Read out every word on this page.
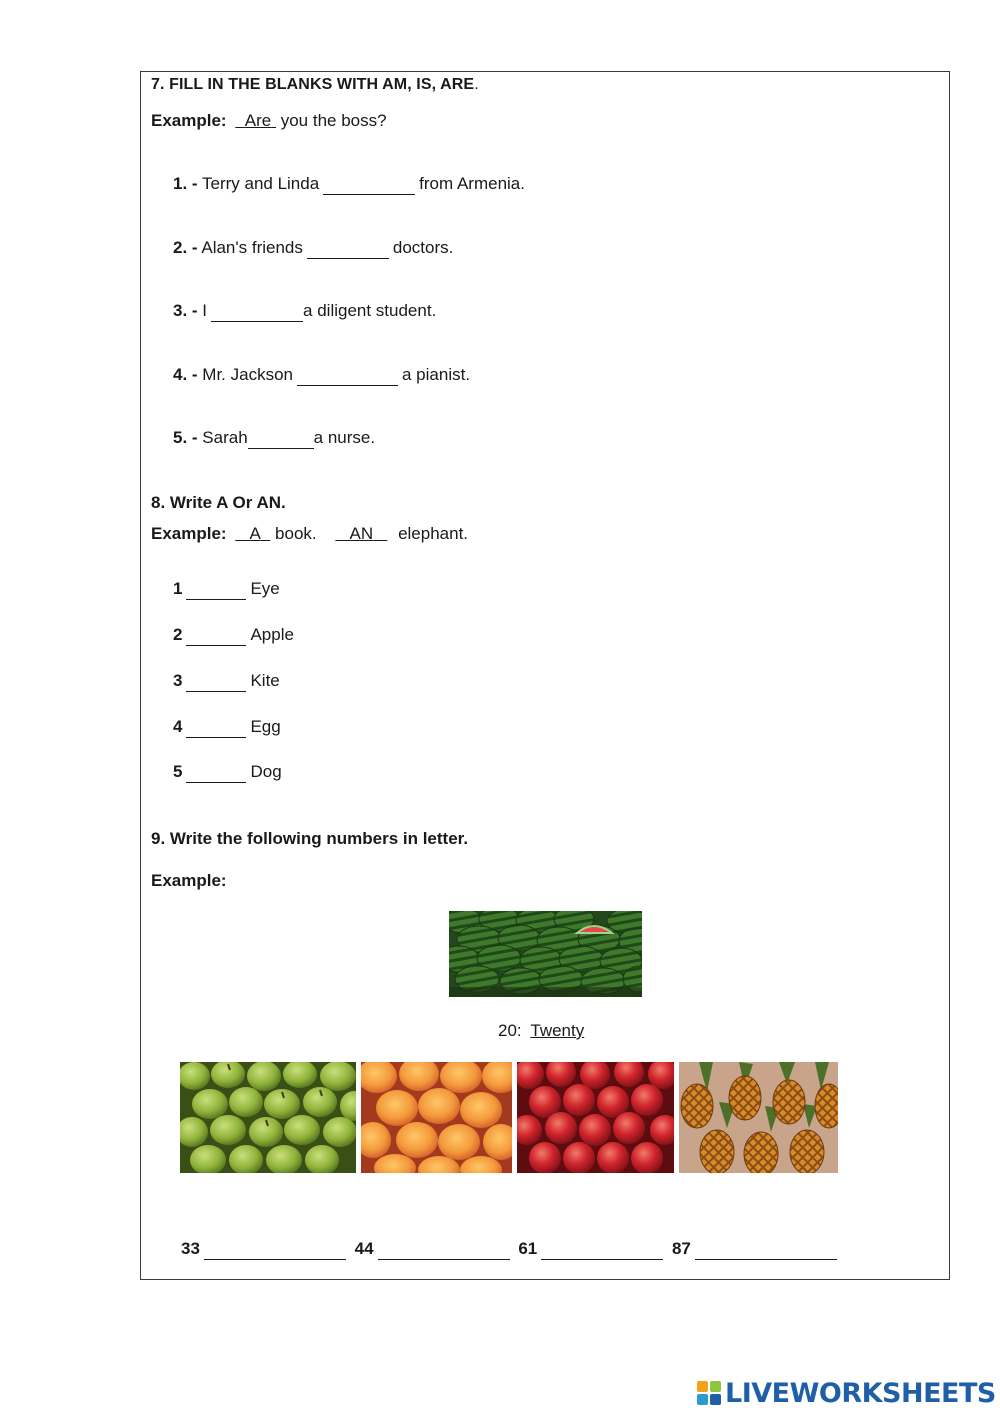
7. FILL IN THE BLANKS WITH AM, IS, ARE.
Example: Are you the boss?
1. - Terry and Linda	from Armenia.
2. - Alan's friends	doctors.
3. - I	a diligent student.
4. - Mr. Jackson	a pianist.
5. - Sarah	a nurse.
8. Write A Or AN.
Example: A book. AN elephant.
1	Eye
2	Apple
3	Kite
4	Egg
5	Dog
9. Write the following numbers in letter.
Example:
20: Twenty
33	44	61	87
LIVEWORKSHEETS
